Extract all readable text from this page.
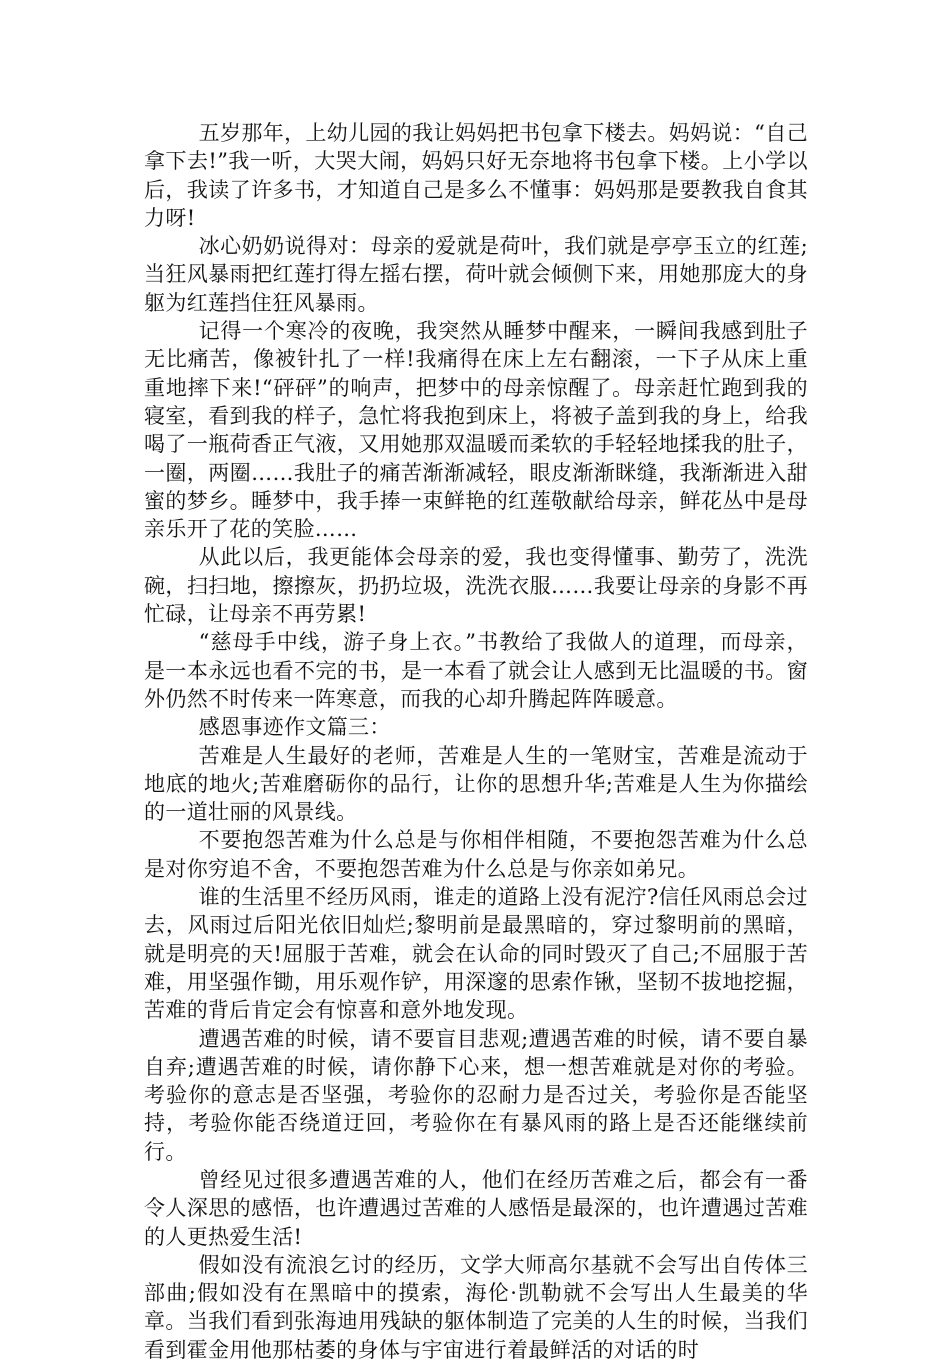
五岁那年，上幼儿园的我让妈妈把书包拿下楼去。妈妈说：“自己拿下去!”我一听，大哭大闹，妈妈只好无奈地将书包拿下楼。上小学以后，我读了许多书，才知道自己是多么不懂事：妈妈那是要教我自食其力呀!

冰心奶奶说得对：母亲的爱就是荷叶，我们就是亭亭玉立的红莲;当狂风暴雨把红莲打得左摇右摆，荷叶就会倾侧下来，用她那庞大的身躯为红莲挡住狂风暴雨。

记得一个寒冷的夜晚，我突然从睡梦中醒来，一瞬间我感到肚子无比痛苦，像被针扎了一样!我痛得在床上左右翻滚，一下子从床上重重地摔下来!“砰砰”的响声，把梦中的母亲惊醒了。母亲赶忙跑到我的寝室，看到我的样子，急忙将我抱到床上，将被子盖到我的身上，给我喝了一瓶荷香正气液，又用她那双温暖而柔软的手轻轻地揉我的肚子，一圈，两圈……我肚子的痛苦渐渐减轻，眼皮渐渐眯缝，我渐渐进入甜蜜的梦乡。睡梦中，我手捧一束鲜艳的红莲敬献给母亲，鲜花丛中是母亲乐开了花的笑脸……

从此以后，我更能体会母亲的爱，我也变得懂事、勤劳了，洗洗碗，扫扫地，擦擦灰，扔扔垃圾，洗洗衣服……我要让母亲的身影不再忙碌，让母亲不再劳累!

“慈母手中线，游子身上衣。”书教给了我做人的道理，而母亲，是一本永远也看不完的书，是一本看了就会让人感到无比温暖的书。窗外仍然不时传来一阵寒意，而我的心却升腾起阵阵暖意。

感恩事迹作文篇三：

苦难是人生最好的老师，苦难是人生的一笔财宝，苦难是流动于地底的地火;苦难磨砺你的品行，让你的思想升华;苦难是人生为你描绘的一道壮丽的风景线。

不要抱怨苦难为什么总是与你相伴相随，不要抱怨苦难为什么总是对你穷追不舍，不要抱怨苦难为什么总是与你亲如弟兄。

谁的生活里不经历风雨，谁走的道路上没有泥泞?信任风雨总会过去，风雨过后阳光依旧灿烂;黎明前是最黑暗的，穿过黎明前的黑暗，就是明亮的天!屈服于苦难，就会在认命的同时毁灭了自己;不屈服于苦难，用坚强作锄，用乐观作铲，用深邃的思索作锹，坚韧不拔地挖掘，苦难的背后肯定会有惊喜和意外地发现。

遭遇苦难的时候，请不要盲目悲观;遭遇苦难的时候，请不要自暴自弃;遭遇苦难的时候，请你静下心来，想一想苦难就是对你的考验。考验你的意志是否坚强，考验你的忍耐力是否过关，考验你是否能坚持，考验你能否绕道迂回，考验你在有暴风雨的路上是否还能继续前行。

曾经见过很多遭遇苦难的人，他们在经历苦难之后，都会有一番令人深思的感悟，也许遭遇过苦难的人感悟是最深的，也许遭遇过苦难的人更热爱生活!

假如没有流浪乞讨的经历，文学大师高尔基就不会写出自传体三部曲;假如没有在黑暗中的摸索，海伦·凯勒就不会写出人生最美的华章。当我们看到张海迪用残缺的躯体制造了完美的人生的时候，当我们看到霍金用他那枯萎的身体与宇宙进行着最鲜活的对话的时
